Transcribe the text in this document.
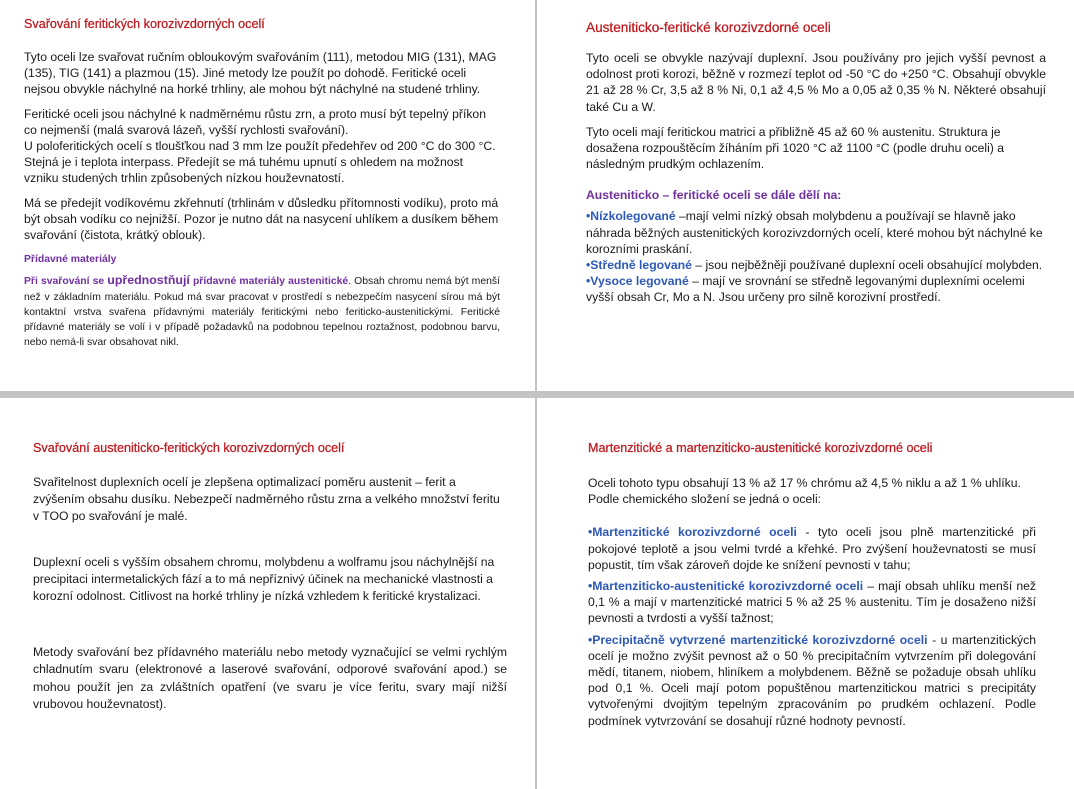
Svařování feritických korozivzdorných ocelí

Tyto oceli lze svařovat ručním obloukovým svařováním (111), metodou MIG (131), MAG (135), TIG (141) a plazmou (15). Jiné metody lze použít po dohodě. Feritické oceli nejsou obvykle náchylné na horké trhliny, ale mohou být náchylné na studené trhliny.

Feritické oceli jsou náchylné k nadměrnému růstu zrn, a proto musí být tepelný příkon co nejmenší (malá svarová lázeň, vyšší rychlosti svařování).

U poloferitických ocelí s tloušťkou nad 3 mm lze použít předehřev od 200 °C do 300 °C. Stejná je i teplota interpass. Předejít se má tuhému upnutí s ohledem na možnost vzniku studených trhlin způsobených nízkou houževnatostí.

Má se předejít vodíkovému zkřehnutí (trhlinám v důsledku přítomnosti vodíku), proto má být obsah vodíku co nejnižší. Pozor je nutno dát na nasycení uhlíkem a dusíkem během svařování (čistota, krátký oblouk).

Přídavné materiály

Při svařování se upřednostňují přídavné materiály austenitické. Obsah chromu nemá být menší než v základním materiálu. Pokud má svar pracovat v prostředí s nebezpečím nasycení sírou má být kontaktní vrstva svařena přídavnými materiály feritickými nebo feriticko-austenitickými. Feritické přídavné materiály se volí i v případě požadavků na podobnou tepelnou roztažnost, podobnou barvu, nebo nemá-li svar obsahovat nikl.

Austeniticko-feritické korozivzdorné oceli

Tyto oceli se obvykle nazývají duplexní. Jsou používány pro jejich vyšší pevnost a odolnost proti korozi, běžně v rozmezí teplot od -50 °C do +250 °C. Obsahují obvykle 21 až 28 % Cr, 3,5 až 8 % Ni, 0,1 až 4,5 % Mo a 0,05 až 0,35 % N. Některé obsahují také Cu a W.

Tyto oceli mají feritickou matrici a přibližně 45 až 60 % austenitu. Struktura je dosažena rozpouštěcím žíháním při 1020 °C až 1100 °C (podle druhu oceli) a následným prudkým ochlazením.

Austeniticko – feritické oceli se dále dělí na:

•Nízkolegované –mají velmi nízký obsah molybdenu a používají se hlavně jako náhrada běžných austenitických korozivzdorných ocelí, které mohou být náchylné ke korozními praskání.

•Středně legované – jsou nejběžněji používané duplexní oceli obsahující molybden.

•Vysoce legované – mají ve srovnání se středně legovanými duplexními ocelemi vyšší obsah Cr, Mo a N. Jsou určeny pro silně korozivní prostředí.

Svařování austeniticko-feritických korozivzdorných ocelí

Svařitelnost duplexních ocelí je zlepšena optimalizací poměru austenit – ferit a zvýšením obsahu dusíku. Nebezpečí nadměrného růstu zrna a velkého množství feritu v TOO po svařování je malé.

Duplexní oceli s vyšším obsahem chromu, molybdenu a wolframu jsou náchylnější na precipitaci intermetalických fází a to má nepříznivý účinek na mechanické vlastnosti a korozní odolnost. Citlivost na horké trhliny je nízká vzhledem k feritické krystalizaci.

Metody svařování bez přídavného materiálu nebo metody vyznačující se velmi rychlým chladnutím svaru (elektronové a laserové svařování, odporové svařování apod.) se mohou použít jen za zvláštních opatření (ve svaru je více feritu, svary mají nižší vrubovou houževnatost).

Martenzitické a martenziticko-austenitické korozivzdorné oceli

Oceli tohoto typu obsahují 13 % až 17 % chrómu až 4,5 % niklu a až 1 % uhlíku. Podle chemického složení se jedná o oceli:

•Martenzitické korozivzdorné oceli - tyto oceli jsou plně martenzitické při pokojové teplotě a jsou velmi tvrdé a křehké. Pro zvýšení houževnatosti se musí popustit, tím však zároveň dojde ke snížení pevnosti v tahu;

•Martenziticko-austenitické korozivzdorné oceli – mají obsah uhlíku menší než 0,1 % a mají v martenzitické matrici 5 % až 25 % austenitu. Tím je dosaženo nižší pevnosti a tvrdosti a vyšší tažnost;

•Precipitačně vytvrzené martenzitické korozivzdorné oceli - u martenzitických ocelí je možno zvýšit pevnost až o 50 % precipitačním vytvrzením při dolegování mědí, titanem, niobem, hliníkem a molybdenem. Běžně se požaduje obsah uhlíku pod 0,1 %. Oceli mají potom popuštěnou martenzitickou matrici s precipitáty vytvořenými dvojitým tepelným zpracováním po prudkém ochlazení. Podle podmínek vytvrzování se dosahují různé hodnoty pevností.
